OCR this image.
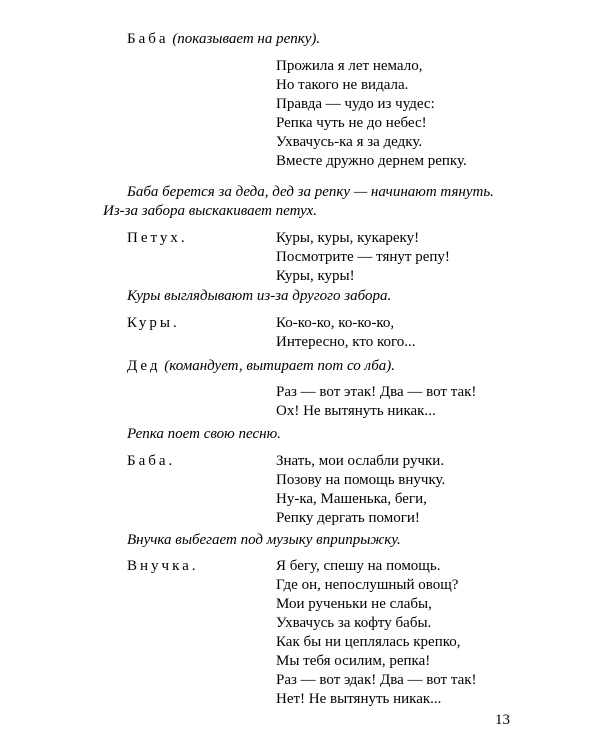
Баба (показывает на репку).
Прожила я лет немало,
Но такого не видала.
Правда — чудо из чудес:
Репка чуть не до небес!
Ухвачусь-ка я за дедку.
Вместе дружно дернем репку.
Баба берется за деда, дед за репку — начинают тянуть.
Из-за забора выскакивает петух.
Петух.	Куры, куры, кукареку!
Посмотрите — тянут репу!
Куры, куры!
Куры выглядывают из-за другого забора.
Куры.	Ко-ко-ко, ко-ко-ко,
Интересно, кто кого...
Дед (командует, вытирает пот со лба).
Раз — вот этак! Два — вот так!
Ох! Не вытянуть никак...
Репка поет свою песню.
Баба.	Знать, мои ослабли ручки.
Позову на помощь внучку.
Ну-ка, Машенька, беги,
Репку дергать помоги!
Внучка выбегает под музыку вприпрыжку.
Внучка.	Я бегу, спешу на помощь.
Где он, непослушный овощ?
Мои рученьки не слабы,
Ухвачусь за кофту бабы.
Как бы ни цеплялась крепко,
Мы тебя осилим, репка!
Раз — вот эдак! Два — вот так!
Нет! Не вытянуть никак...
13
